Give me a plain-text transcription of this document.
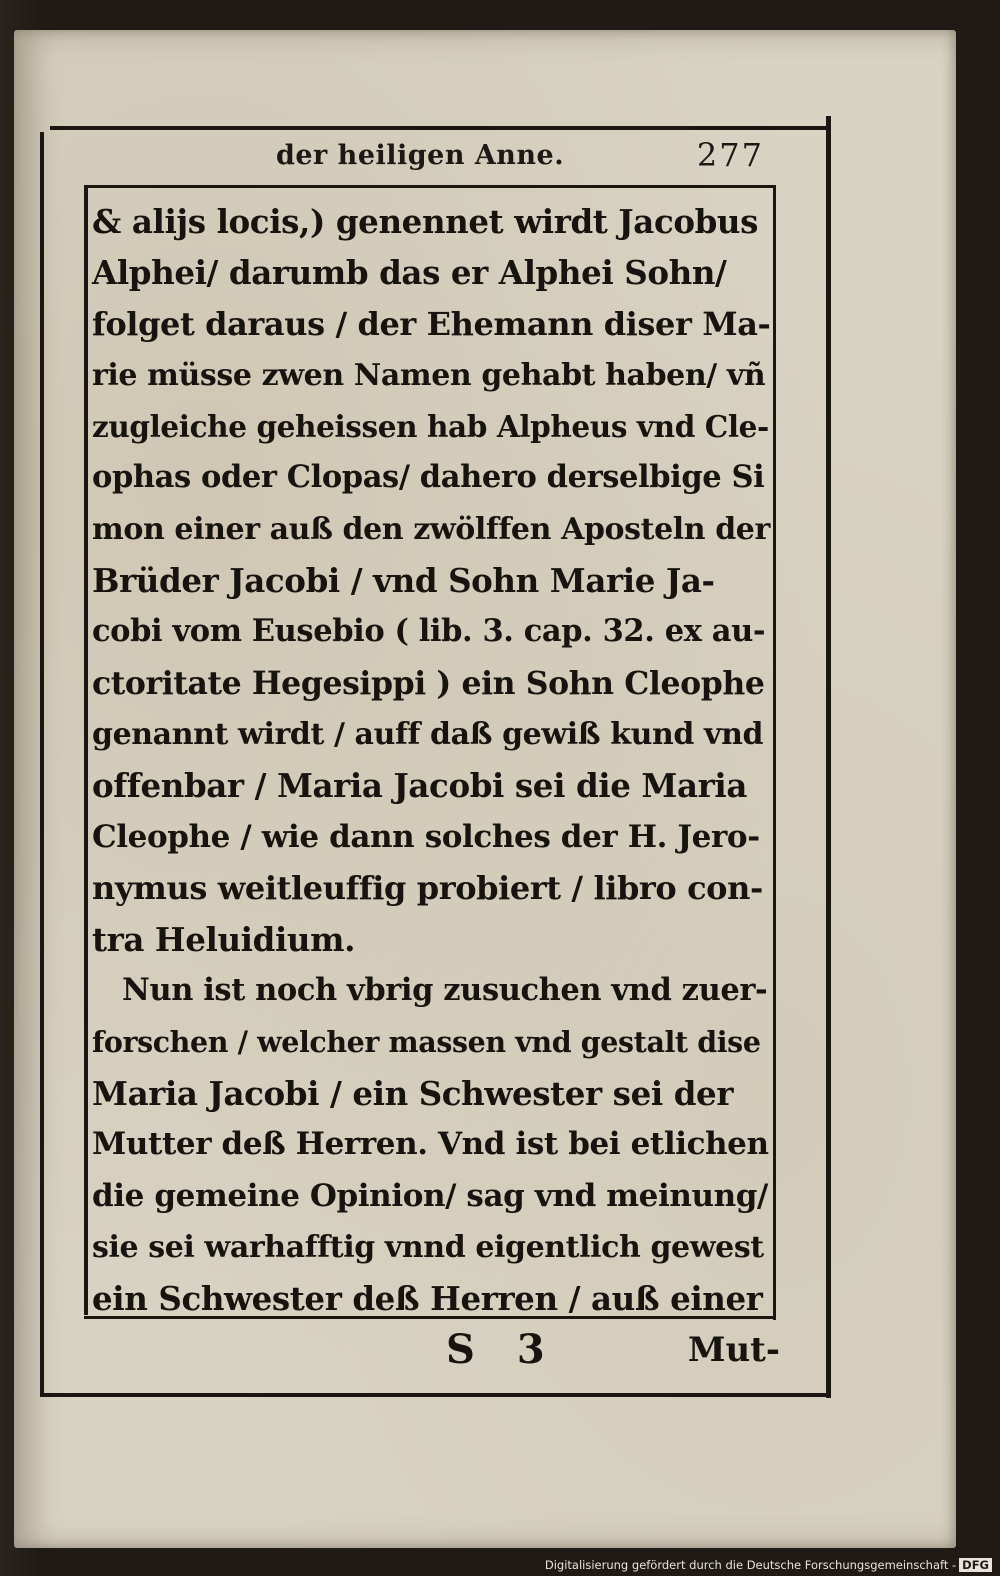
der heiligen Anne.	277
& alijs locis,) genennet wirdt Jacobus
Alphei/ darumb das er Alphei Sohn/
folget daraus / der Ehemann diser Ma-
rie müsse zwen Namen gehabt haben/ vñ
zugleiche geheissen hab Alpheus vnd Cle-
ophas oder Clopas/ dahero derselbige Si
mon einer auß den zwölffen Aposteln der
Brüder Jacobi / vnd Sohn Marie Ja-
cobi vom Eusebio ( lib. 3. cap. 32. ex au-
ctoritate Hegesippi ) ein Sohn Cleophe
genannt wirdt / auff daß gewiß kund vnd
offenbar / Maria Jacobi sei die Maria
Cleophe / wie dann solches der H. Jero-
nymus weitleuffig probiert / libro con-
tra Heluidium.
Nun ist noch vbrig zusuchen vnd zuer-
forschen / welcher massen vnd gestalt dise
Maria Jacobi / ein Schwester sei der
Mutter deß Herren. Vnd ist bei etlichen
die gemeine Opinion/ sag vnd meinung/
sie sei warhafftig vnnd eigentlich gewest
ein Schwester deß Herren / auß einer
S 3	Mut-
Digitalisierung gefördert durch die Deutsche Forschungsgemeinschaft - DFG
